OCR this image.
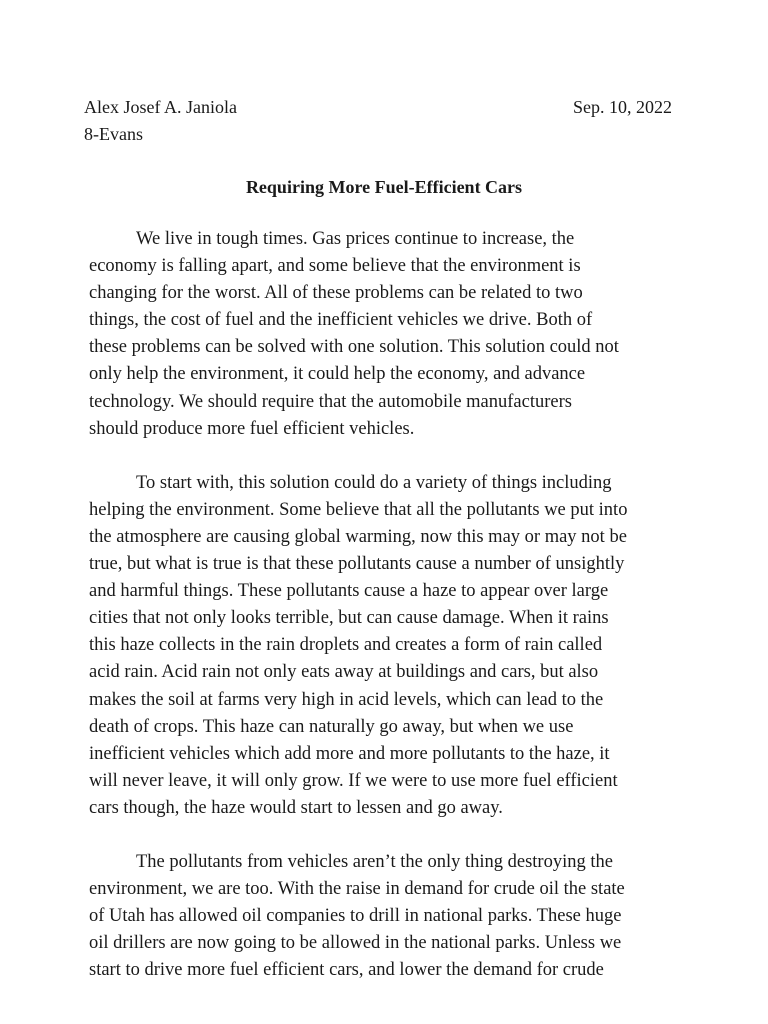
Alex Josef A. Janiola	Sep. 10, 2022
8-Evans
Requiring More Fuel-Efficient Cars
We live in tough times. Gas prices continue to increase, the
economy is falling apart, and some believe that the environment is
changing for the worst. All of these problems can be related to two
things, the cost of fuel and the inefficient vehicles we drive. Both of
these problems can be solved with one solution. This solution could not
only help the environment, it could help the economy, and advance
technology. We should require that the automobile manufacturers
should produce more fuel efficient vehicles.
To start with, this solution could do a variety of things including
helping the environment. Some believe that all the pollutants we put into
the atmosphere are causing global warming, now this may or may not be
true, but what is true is that these pollutants cause a number of unsightly
and harmful things. These pollutants cause a haze to appear over large
cities that not only looks terrible, but can cause damage. When it rains
this haze collects in the rain droplets and creates a form of rain called
acid rain. Acid rain not only eats away at buildings and cars, but also
makes the soil at farms very high in acid levels, which can lead to the
death of crops. This haze can naturally go away, but when we use
inefficient vehicles which add more and more pollutants to the haze, it
will never leave, it will only grow. If we were to use more fuel efficient
cars though, the haze would start to lessen and go away.
The pollutants from vehicles aren’t the only thing destroying the
environment, we are too. With the raise in demand for crude oil the state
of Utah has allowed oil companies to drill in national parks. These huge
oil drillers are now going to be allowed in the national parks. Unless we
start to drive more fuel efficient cars, and lower the demand for crude
